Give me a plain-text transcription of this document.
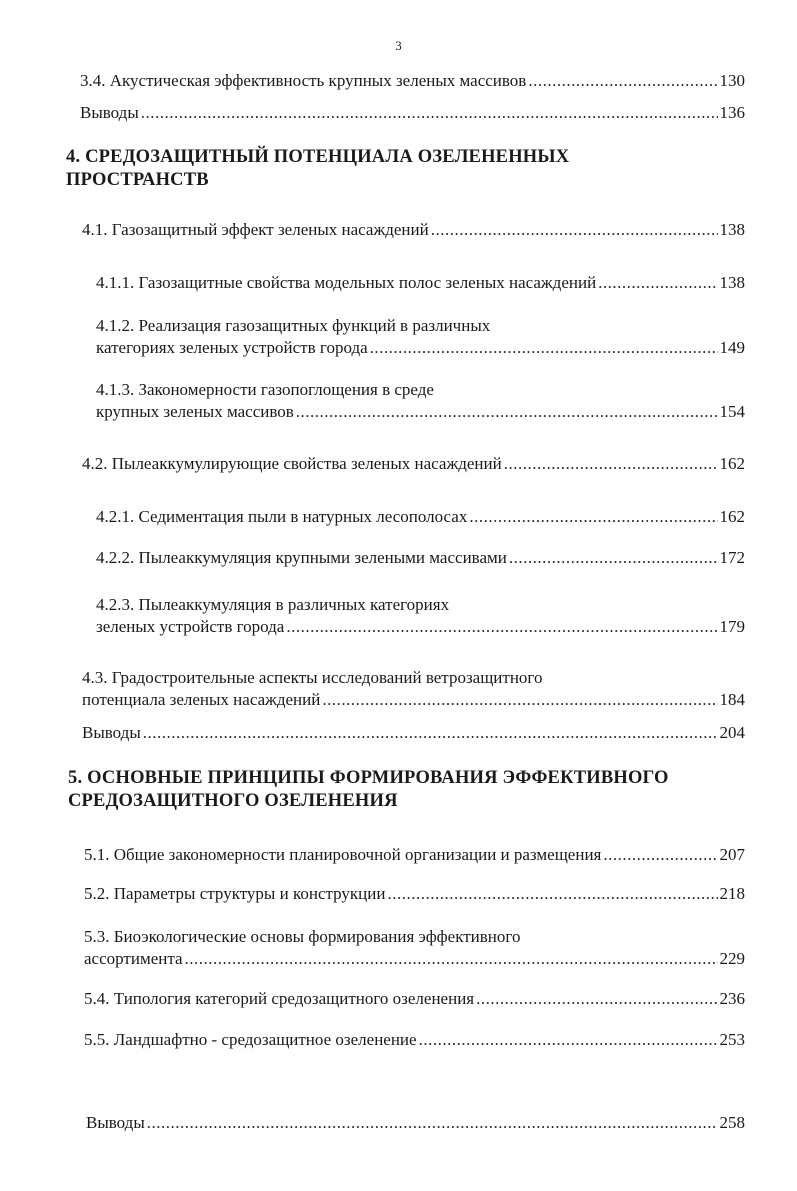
3
3.4. Акустическая эффективность крупных зеленых массивов .....	130
Выводы .....	136
4. СРЕДОЗАЩИТНЫЙ ПОТЕНЦИАЛА ОЗЕЛЕНЕННЫХ
ПРОСТРАНСТВ
4.1. Газозащитный эффект зеленых насаждений .....	138
4.1.1. Газозащитные свойства модельных полос зеленых насаждений .....	138
4.1.2. Реализация газозащитных функций в различных
категориях зеленых устройств города .....	149
4.1.3. Закономерности газопоглощения в среде
крупных зеленых массивов .....	154
4.2. Пылеаккумулирующие свойства зеленых насаждений .....	162
4.2.1. Седиментация пыли в натурных лесополосах .....	162
4.2.2. Пылеаккумуляция крупными зелеными массивами .....	172
4.2.3. Пылеаккумуляция в различных категориях
зеленых устройств города .....	179
4.3. Градостроительные аспекты исследований ветрозащитного
потенциала зеленых насаждений .....	184
Выводы .....	204
5. ОСНОВНЫЕ ПРИНЦИПЫ ФОРМИРОВАНИЯ ЭФФЕКТИВНОГО
СРЕДОЗАЩИТНОГО ОЗЕЛЕНЕНИЯ
5.1. Общие закономерности планировочной организации и размещения .....	207
5.2. Параметры структуры и конструкции .....	218
5.3. Биоэкологические основы формирования эффективного
ассортимента .....	229
5.4. Типология категорий средозащитного озеленения .....	236
5.5. Ландшафтно - средозащитное озеленение .....	253
Выводы .....	258
